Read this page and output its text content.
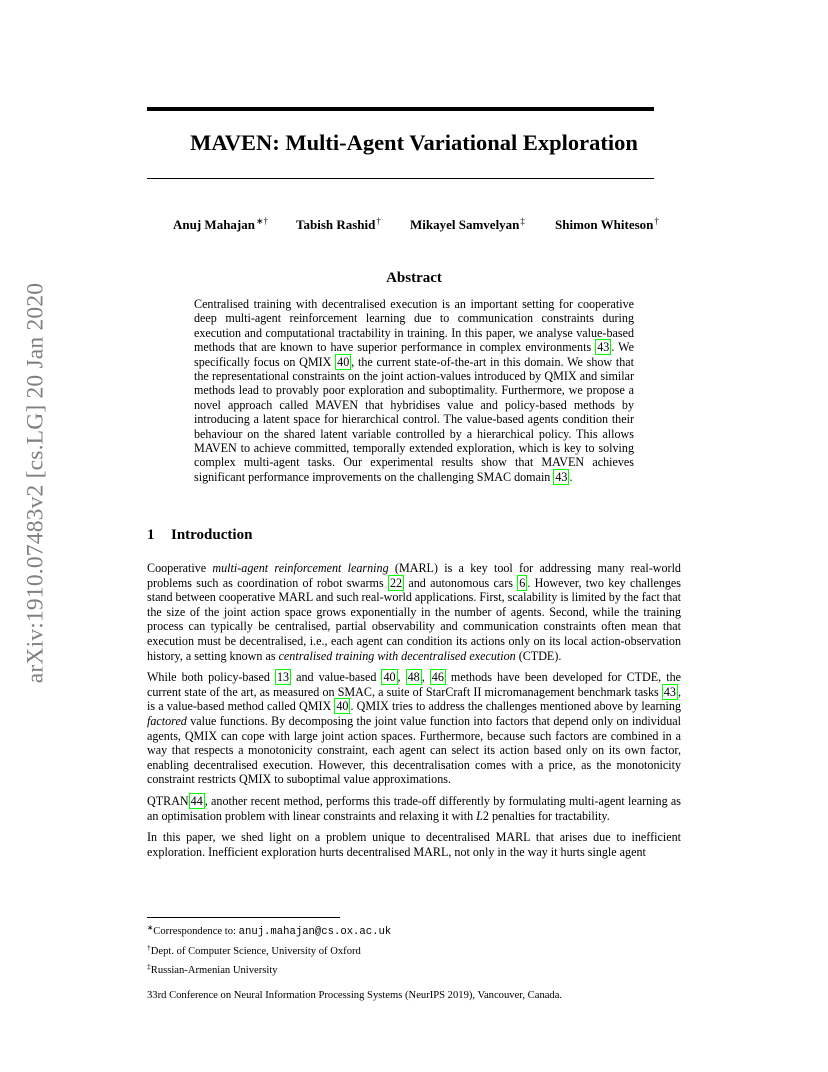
arXiv:1910.07483v2 [cs.LG] 20 Jan 2020
MAVEN: Multi-Agent Variational Exploration
Anuj Mahajan∗† Tabish Rashid† Mikayel Samvelyan‡ Shimon Whiteson†
Abstract

Centralised training with decentralised execution is an important setting for cooperative deep multi-agent reinforcement learning due to communication constraints during execution and computational tractability in training. In this paper, we analyse value-based methods that are known to have superior performance in complex environments 43 . We specifically focus on QMIX 40 , the current state-of-the-art in this domain. We show that the representational constraints on the joint action-values introduced by QMIX and similar methods lead to provably poor exploration and suboptimality. Furthermore, we propose a novel approach called MAVEN that hybridises value and policy-based methods by introducing a latent space for hierarchical control. The value-based agents condition their behaviour on the shared latent variable controlled by a hierarchical policy. This allows MAVEN to achieve committed, temporally extended exploration, which is key to solving complex multi-agent tasks. Our experimental results show that MAVEN achieves significant performance improvements on the challenging SMAC domain 43 .

1 Introduction

Cooperative multi-agent reinforcement learning (MARL) is a key tool for addressing many real-world problems such as coordination of robot swarms 22 and autonomous cars 6 . However, two key challenges stand between cooperative MARL and such real-world applications. First, scalability is limited by the fact that the size of the joint action space grows exponentially in the number of agents. Second, while the training process can typically be centralised, partial observability and communication constraints often mean that execution must be decentralised, i.e., each agent can condition its actions only on its local action-observation history, a setting known as centralised training with decentralised execution (CTDE).

While both policy-based 13 and value-based 40 , 48 , 46 methods have been developed for CTDE, the current state of the art, as measured on SMAC, a suite of StarCraft II micromanagement benchmark tasks 43 , is a value-based method called QMIX 40 . QMIX tries to address the challenges mentioned above by learning factored value functions. By decomposing the joint value function into factors that depend only on individual agents, QMIX can cope with large joint action spaces. Furthermore, because such factors are combined in a way that respects a monotonicity constraint, each agent can select its action based only on its own factor, enabling decentralised execution. However, this decentralisation comes with a price, as the monotonicity constraint restricts QMIX to suboptimal value approximations.

QTRAN 44 , another recent method, performs this trade-off differently by formulating multi-agent learning as an optimisation problem with linear constraints and relaxing it with L2 penalties for tractability.

In this paper, we shed light on a problem unique to decentralised MARL that arises due to inefficient exploration. Inefficient exploration hurts decentralised MARL, not only in the way it hurts single agent

∗Correspondence to: anuj.mahajan@cs.ox.ac.uk
†Dept. of Computer Science, University of Oxford
‡Russian-Armenian University

33rd Conference on Neural Information Processing Systems (NeurIPS 2019), Vancouver, Canada.
